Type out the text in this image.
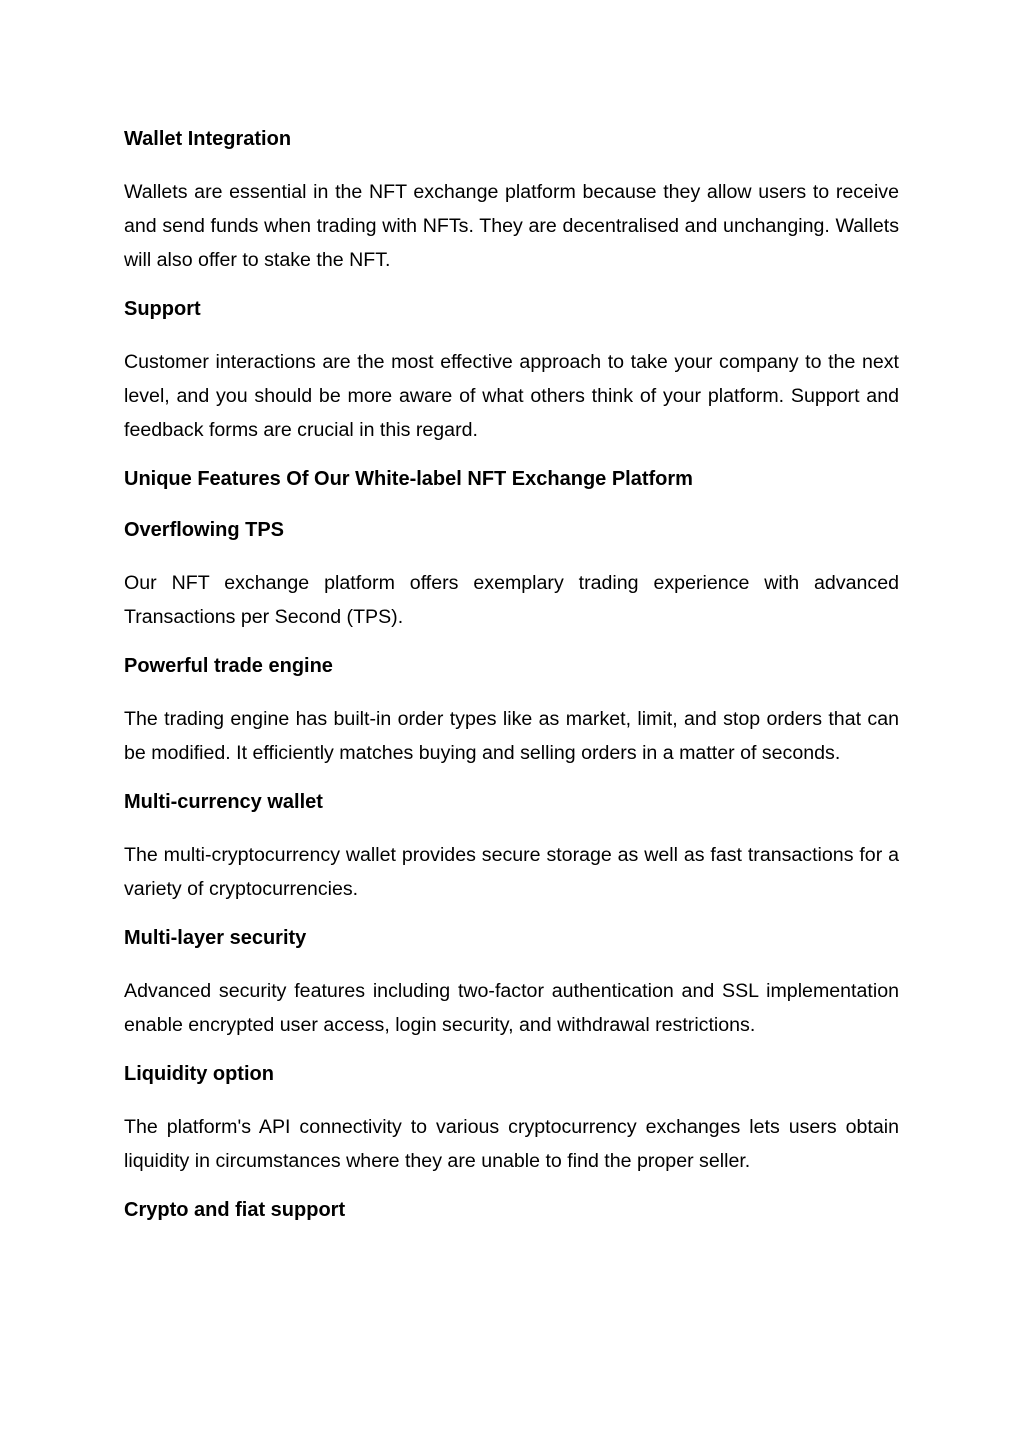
Wallet Integration

Wallets are essential in the NFT exchange platform because they allow users to receive and send funds when trading with NFTs. They are decentralised and unchanging. Wallets will also offer to stake the NFT.

Support

Customer interactions are the most effective approach to take your company to the next level, and you should be more aware of what others think of your platform. Support and feedback forms are crucial in this regard.

Unique Features Of Our White-label NFT Exchange Platform
Overflowing TPS

Our NFT exchange platform offers exemplary trading experience with advanced Transactions per Second (TPS).

Powerful trade engine

The trading engine has built-in order types like as market, limit, and stop orders that can be modified. It efficiently matches buying and selling orders in a matter of seconds.

Multi-currency wallet

The multi-cryptocurrency wallet provides secure storage as well as fast transactions for a variety of cryptocurrencies.

Multi-layer security

Advanced security features including two-factor authentication and SSL implementation enable encrypted user access, login security, and withdrawal restrictions.

Liquidity option

The platform's API connectivity to various cryptocurrency exchanges lets users obtain liquidity in circumstances where they are unable to find the proper seller.

Crypto and fiat support
